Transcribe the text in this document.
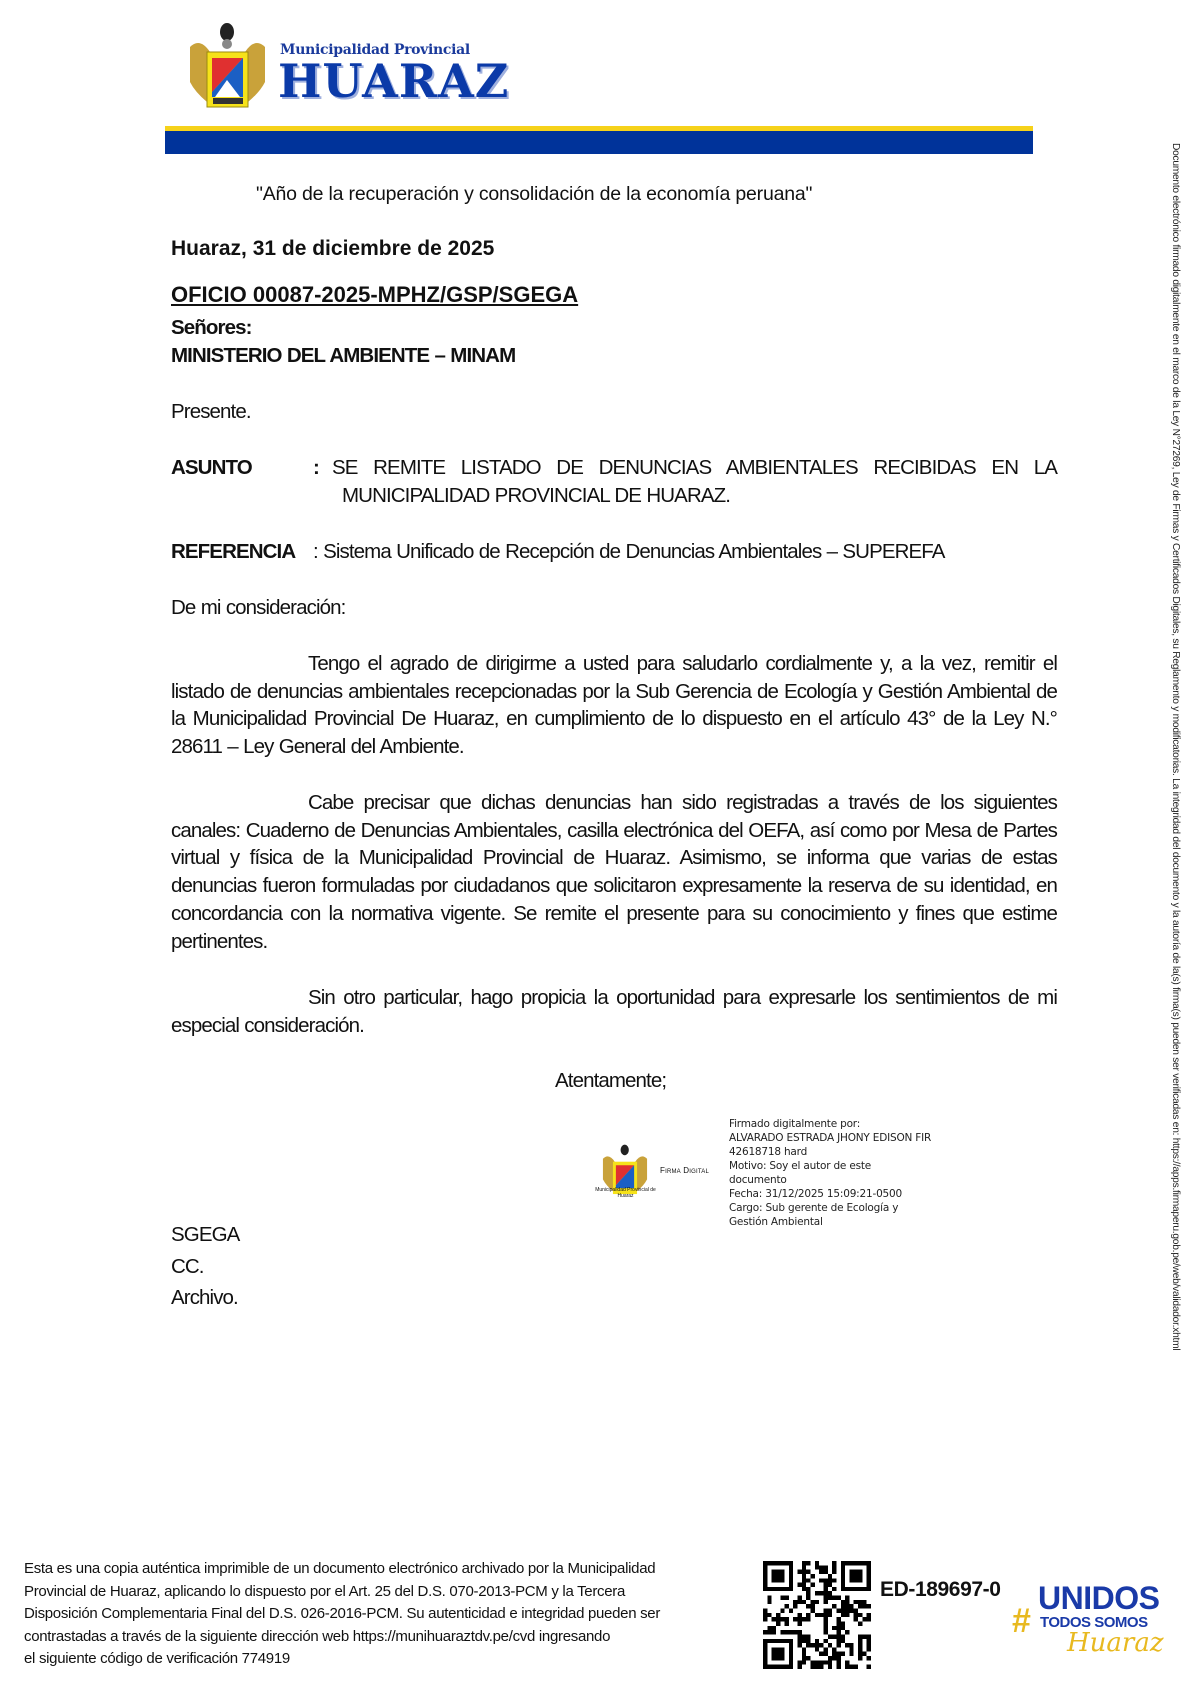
Municipalidad Provincial
HUARAZ
"Año de la recuperación y consolidación de la economía peruana"
Huaraz, 31 de diciembre de 2025
OFICIO 00087-2025-MPHZ/GSP/SGEGA
Señores:
MINISTERIO DEL AMBIENTE – MINAM
Presente.
ASUNTO	: SE REMITE LISTADO DE DENUNCIAS AMBIENTALES RECIBIDAS EN LA
MUNICIPALIDAD PROVINCIAL DE HUARAZ.
REFERENCIA : Sistema Unificado de Recepción de Denuncias Ambientales – SUPEREFA
De mi consideración:

Tengo el agrado de dirigirme a usted para saludarlo cordialmente y, a la vez, remitir el listado de denuncias ambientales recepcionadas por la Sub Gerencia de Ecología y Gestión Ambiental de la Municipalidad Provincial De Huaraz, en cumplimiento de lo dispuesto en el artículo 43° de la Ley N.° 28611 – Ley General del Ambiente.

Cabe precisar que dichas denuncias han sido registradas a través de los siguientes canales: Cuaderno de Denuncias Ambientales, casilla electrónica del OEFA, así como por Mesa de Partes virtual y física de la Municipalidad Provincial de Huaraz. Asimismo, se informa que varias de estas denuncias fueron formuladas por ciudadanos que solicitaron expresamente la reserva de su identidad, en concordancia con la normativa vigente. Se remite el presente para su conocimiento y fines que estime pertinentes.

Sin otro particular, hago propicia la oportunidad para expresarle los sentimientos de mi especial consideración.

Atentamente;
Municipalidad Provincial de Huaraz
Firma Digital
Firmado digitalmente por:
ALVARADO ESTRADA JHONY EDISON FIR
42618718 hard
Motivo: Soy el autor de este
documento
Fecha: 31/12/2025 15:09:21-0500
Cargo: Sub gerente de Ecología y
Gestión Ambiental
SGEGA
CC.
Archivo.
Esta es una copia auténtica imprimible de un documento electrónico archivado por la Municipalidad
Provincial de Huaraz, aplicando lo dispuesto por el Art. 25 del D.S. 070-2013-PCM y la Tercera
Disposición Complementaria Final del D.S. 026-2016-PCM. Su autenticidad e integridad pueden ser
contrastadas a través de la siguiente dirección web https://munihuaraztdv.pe/cvd ingresando
el siguiente código de verificación 774919
ED-189697-0
#
UNIDOS
TODOS SOMOS
Huaraz
Documento electrónico firmado digitalmente en el marco de la Ley N°27269, Ley de Firmas y Certificados Digitales, su Reglamento y modificatorias. La integridad del documento y la autoría de la(s) firma(s) pueden ser verificadas en: https://apps.firmaperu.gob.pe/web/validador.xhtml
